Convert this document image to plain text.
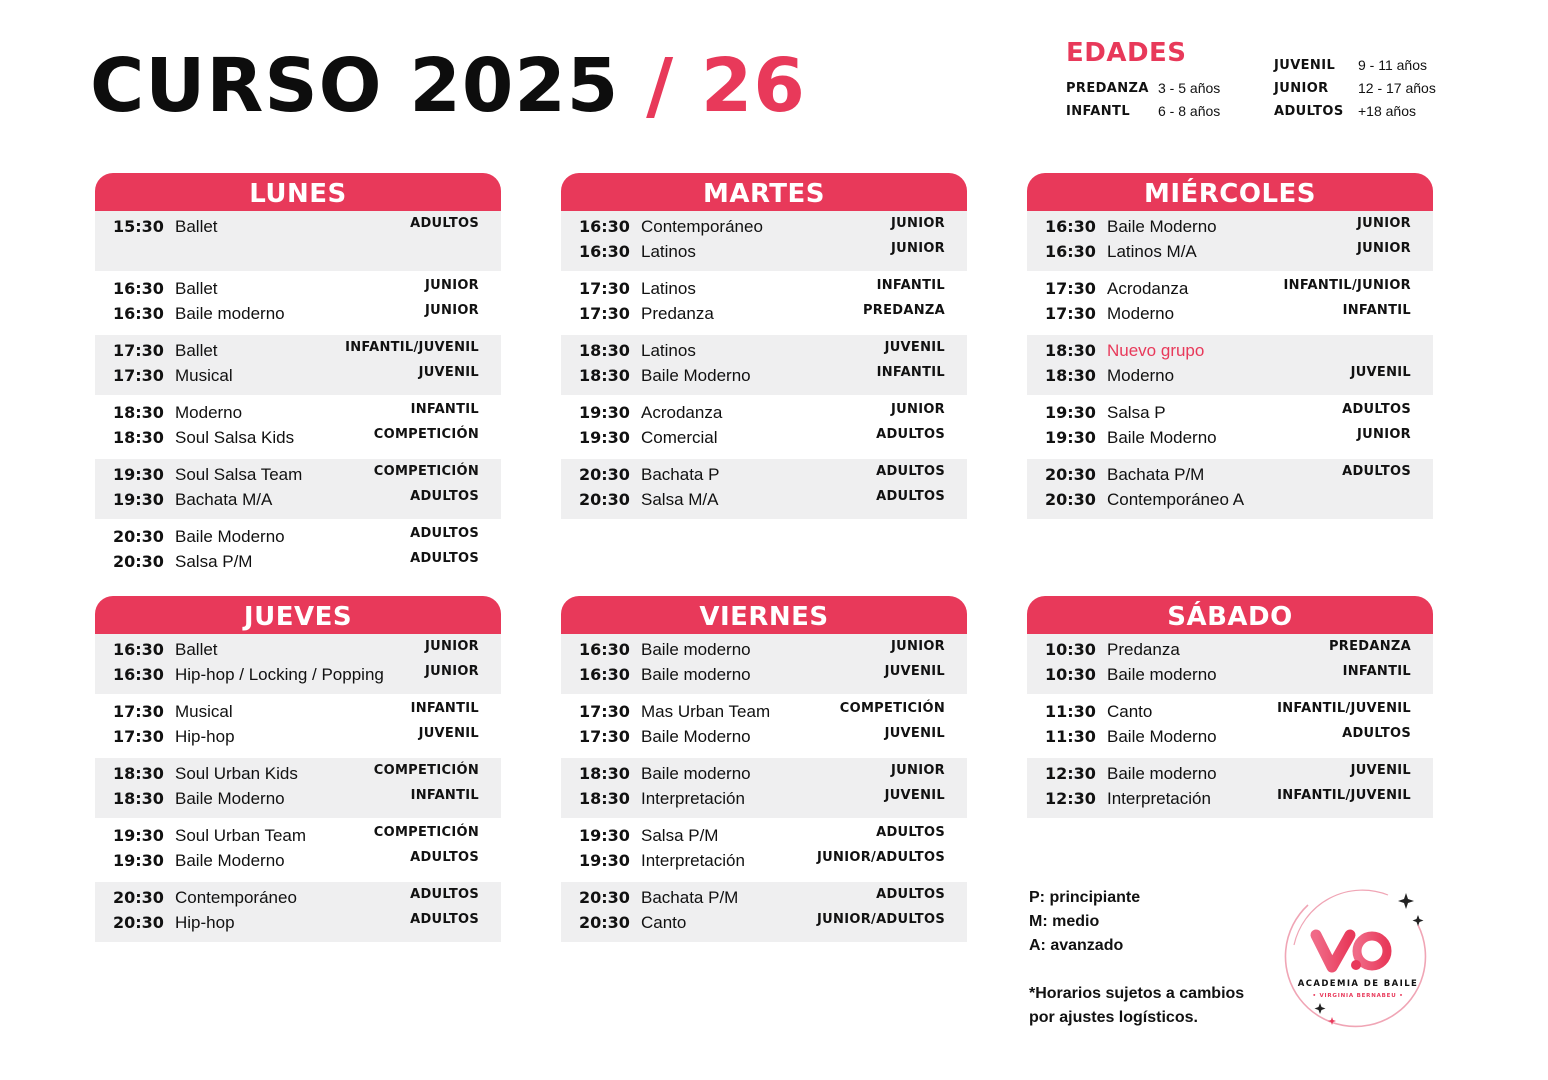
CURSO 2025 / 26	EDADES
PREDANZA 3 - 5 años
INFANTL 6 - 8 años
JUVENIL 9 - 11 años
JUNIOR 12 - 17 años
ADULTOS +18 años
LUNES
15:30 Ballet	ADULTOS
16:30 Ballet	JUNIOR
16:30 Baile moderno	JUNIOR
17:30 Ballet	INFANTIL/JUVENIL
17:30 Musical	JUVENIL
18:30 Moderno	INFANTIL
18:30 Soul Salsa Kids	COMPETICIÓN
19:30 Soul Salsa Team	COMPETICIÓN
19:30 Bachata M/A	ADULTOS
20:30 Baile Moderno	ADULTOS
20:30 Salsa P/M	ADULTOS
MARTES
16:30 Contemporáneo	JUNIOR
16:30 Latinos	JUNIOR
17:30 Latinos	INFANTIL
17:30 Predanza	PREDANZA
18:30 Latinos	JUVENIL
18:30 Baile Moderno	INFANTIL
19:30 Acrodanza	JUNIOR
19:30 Comercial	ADULTOS
20:30 Bachata P	ADULTOS
20:30 Salsa M/A	ADULTOS
MIÉRCOLES
16:30 Baile Moderno	JUNIOR
16:30 Latinos M/A	JUNIOR
17:30 Acrodanza	INFANTIL/JUNIOR
17:30 Moderno	INFANTIL
18:30 Nuevo grupo
18:30 Moderno	JUVENIL
19:30 Salsa P	ADULTOS
19:30 Baile Moderno	JUNIOR
20:30 Bachata P/M	ADULTOS
20:30 Contemporáneo A
JUEVES
16:30 Ballet	JUNIOR
16:30 Hip-hop / Locking / Popping	JUNIOR
17:30 Musical	INFANTIL
17:30 Hip-hop	JUVENIL
18:30 Soul Urban Kids	COMPETICIÓN
18:30 Baile Moderno	INFANTIL
19:30 Soul Urban Team	COMPETICIÓN
19:30 Baile Moderno	ADULTOS
20:30 Contemporáneo	ADULTOS
20:30 Hip-hop	ADULTOS
VIERNES
16:30 Baile moderno	JUNIOR
16:30 Baile moderno	JUVENIL
17:30 Mas Urban Team	COMPETICIÓN
17:30 Baile Moderno	JUVENIL
18:30 Baile moderno	JUNIOR
18:30 Interpretación	JUVENIL
19:30 Salsa P/M	ADULTOS
19:30 Interpretación	JUNIOR/ADULTOS
20:30 Bachata P/M	ADULTOS
20:30 Canto	JUNIOR/ADULTOS
SÁBADO
10:30 Predanza	PREDANZA
10:30 Baile moderno	INFANTIL
11:30 Canto	INFANTIL/JUVENIL
11:30 Baile Moderno	ADULTOS
12:30 Baile moderno	JUVENIL
12:30 Interpretación	INFANTIL/JUVENIL
P: principiante
M: medio
A: avanzado
*Horarios sujetos a cambios
por ajustes logísticos.
ACADEMIA DE BAILE
• VIRGINIA BERNABEU •
